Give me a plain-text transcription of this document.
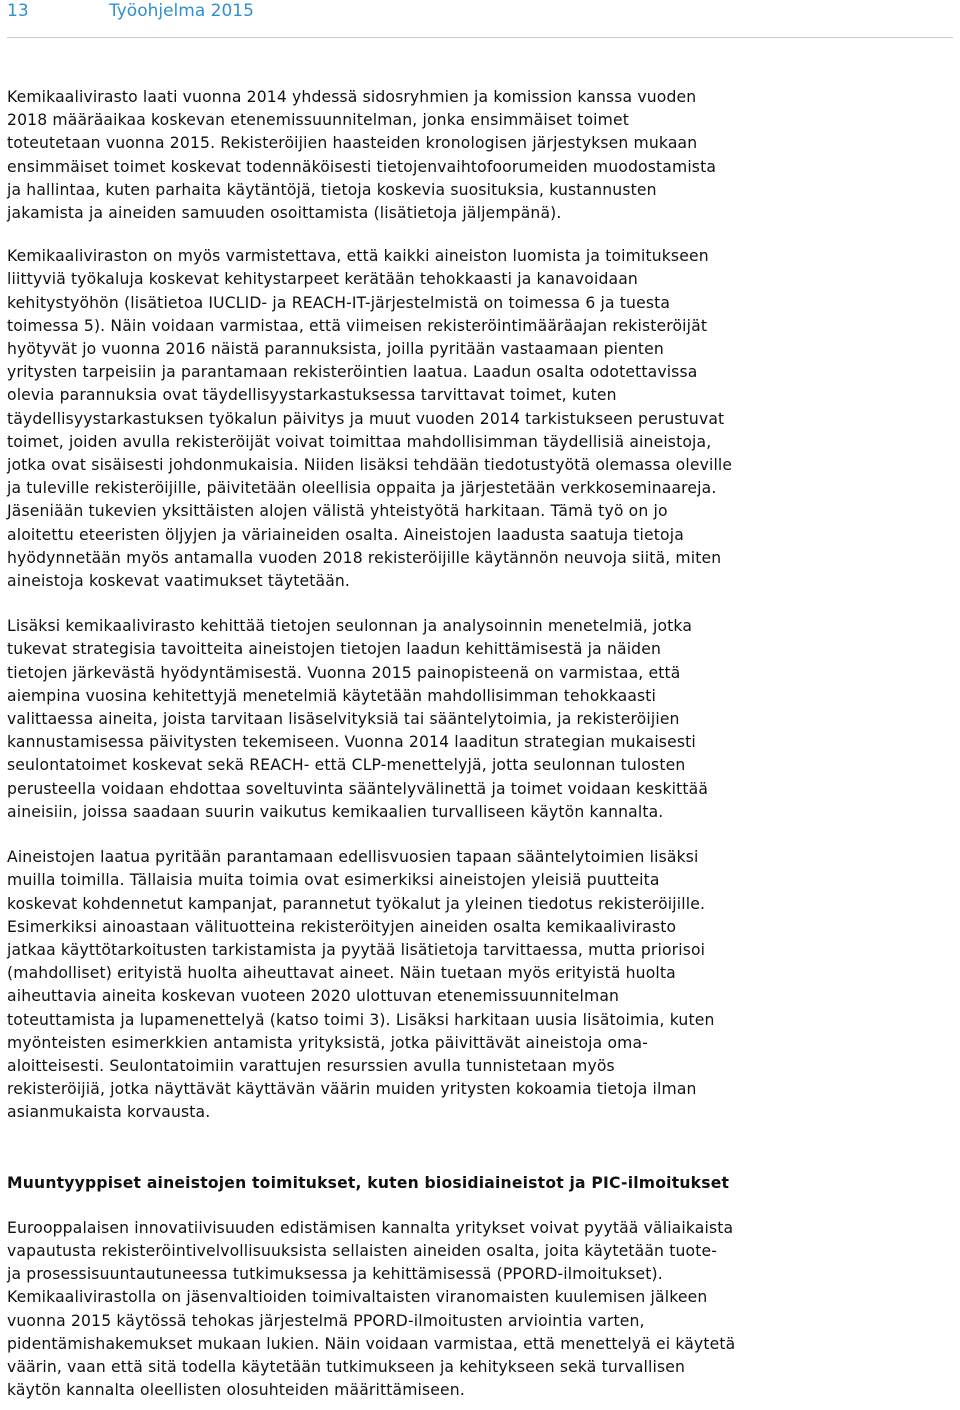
13	Työohjelma 2015

Kemikaalivirasto laati vuonna 2014 yhdessä sidosryhmien ja komission kanssa vuoden
2018 määräaikaa koskevan etenemissuunnitelman, jonka ensimmäiset toimet
toteutetaan vuonna 2015. Rekisteröijien haasteiden kronologisen järjestyksen mukaan
ensimmäiset toimet koskevat todennäköisesti tietojenvaihtofoorumeiden muodostamista
ja hallintaa, kuten parhaita käytäntöjä, tietoja koskevia suosituksia, kustannusten
jakamista ja aineiden samuuden osoittamista (lisätietoja jäljempänä).

Kemikaaliviraston on myös varmistettava, että kaikki aineiston luomista ja toimitukseen
liittyviä työkaluja koskevat kehitystarpeet kerätään tehokkaasti ja kanavoidaan
kehitystyöhön (lisätietoa IUCLID- ja REACH-IT-järjestelmistä on toimessa 6 ja tuesta
toimessa 5). Näin voidaan varmistaa, että viimeisen rekisteröintimääräajan rekisteröijät
hyötyvät jo vuonna 2016 näistä parannuksista, joilla pyritään vastaamaan pienten
yritysten tarpeisiin ja parantamaan rekisteröintien laatua. Laadun osalta odotettavissa
olevia parannuksia ovat täydellisyystarkastuksessa tarvittavat toimet, kuten
täydellisyystarkastuksen työkalun päivitys ja muut vuoden 2014 tarkistukseen perustuvat
toimet, joiden avulla rekisteröijät voivat toimittaa mahdollisimman täydellisiä aineistoja,
jotka ovat sisäisesti johdonmukaisia. Niiden lisäksi tehdään tiedotustyötä olemassa oleville
ja tuleville rekisteröijille, päivitetään oleellisia oppaita ja järjestetään verkkoseminaareja.
Jäseni̇ään tukevien yksittäisten alojen välistä yhteistyötä harkitaan. Tämä työ on jo
aloitettu eteeristen öljyjen ja väriaineiden osalta. Aineistojen laadusta saatuja tietoja
hyödynnetään myös antamalla vuoden 2018 rekisteröijille käytännön neuvoja siitä, miten
aineistoja koskevat vaatimukset täytetään.

Lisäksi kemikaalivirasto kehittää tietojen seulonnan ja analysoinnin menetelmiä, jotka
tukevat strategisia tavoitteita aineistojen tietojen laadun kehittämisestä ja näiden
tietojen järkevästä hyödyntämisestä. Vuonna 2015 painopisteenä on varmistaa, että
aiempina vuosina kehitettyjä menetelmiä käytetään mahdollisimman tehokkaasti
valittaessa aineita, joista tarvitaan lisäselvityksiä tai sääntelytoimia, ja rekisteröijien
kannustamisessa päivitysten tekemiseen. Vuonna 2014 laadi̇tun strategian mukaisesti
seulontatoimet koskevat sekä REACH- että CLP-menettelyjä, jotta seulonnan tulosten
perusteella voidaan ehdottaa soveltuvinta sääntelyvälinettä ja toimet voidaan keskittää
aineisiin, joissa saadaan suurin vaikutus kemikaalien turvalliseen käytön kannalta.

Aineistojen laatua pyritään parantamaan edellisvuosien tapaan sääntelytoimien lisäksi
muilla toimilla. Tällaisia muita toimia ovat esimerkiksi aineistojen yleisiä puutteita
koskevat kohdennetut kampanjat, parannetut työkalut ja yleinen tiedotus rekisteröijille.
Esimerkiksi ainoastaan välituotteina rekisteröityjen aineiden osalta kemikaalivirasto
jatkaa käyttötarkoitusten tarkistamista ja pyytää lisätietoja tarvittaessa, mutta priorisoi
(mahdolliset) erityistä huolta aiheuttavat aineet. Näin tuetaan myös erityistä huolta
aiheuttavia aineita koskevan vuoteen 2020 ulottuvan etenemissuunnitelman
toteuttamista ja lupamenettelyä (katso toimi 3). Lisäksi harkitaan uusia lisätoimia, kuten
myönteisten esimerkkien antamista yrityksistä, jotka päivittävät aineistoja oma-
aloitteisesti. Seulontatoimiin varattujen resurssien avulla tunnistetaan myös
rekisteröijiä, jotka näyttävät käyttävän väärin muiden yritysten kokoamia tietoja ilman
asianmukaista korvausta.

Muuntyyppiset aineistojen toimitukset, kuten biosidiaineistot ja PIC-ilmoitukset

Eurooppalaisen innovatiivisuuden edistämisen kannalta yritykset voivat pyytää väliaikaista
vapautusta rekisteröintivelvollisuuksista sellaisten aineiden osalta, joita käytetään tuote-
ja prosessisuuntautuneessa tutkimuksessa ja kehittämisessä (PPORD-ilmoitukset).
Kemikaalivirastolla on jäsenvaltioiden toimivaltaisten viranomaisten kuulemisen jälkeen
vuonna 2015 käytössä tehokas järjestelmä PPORD-ilmoitusten arviointia varten,
pidentämishakemukset mukaan lukien. Näin voidaan varmistaa, että menettelyä ei käytetä
väärin, vaan että sitä todella käytetään tutkimukseen ja kehitykseen sekä turvallisen
käytön kannalta oleellisten olosuhteiden määrittämiseen.
